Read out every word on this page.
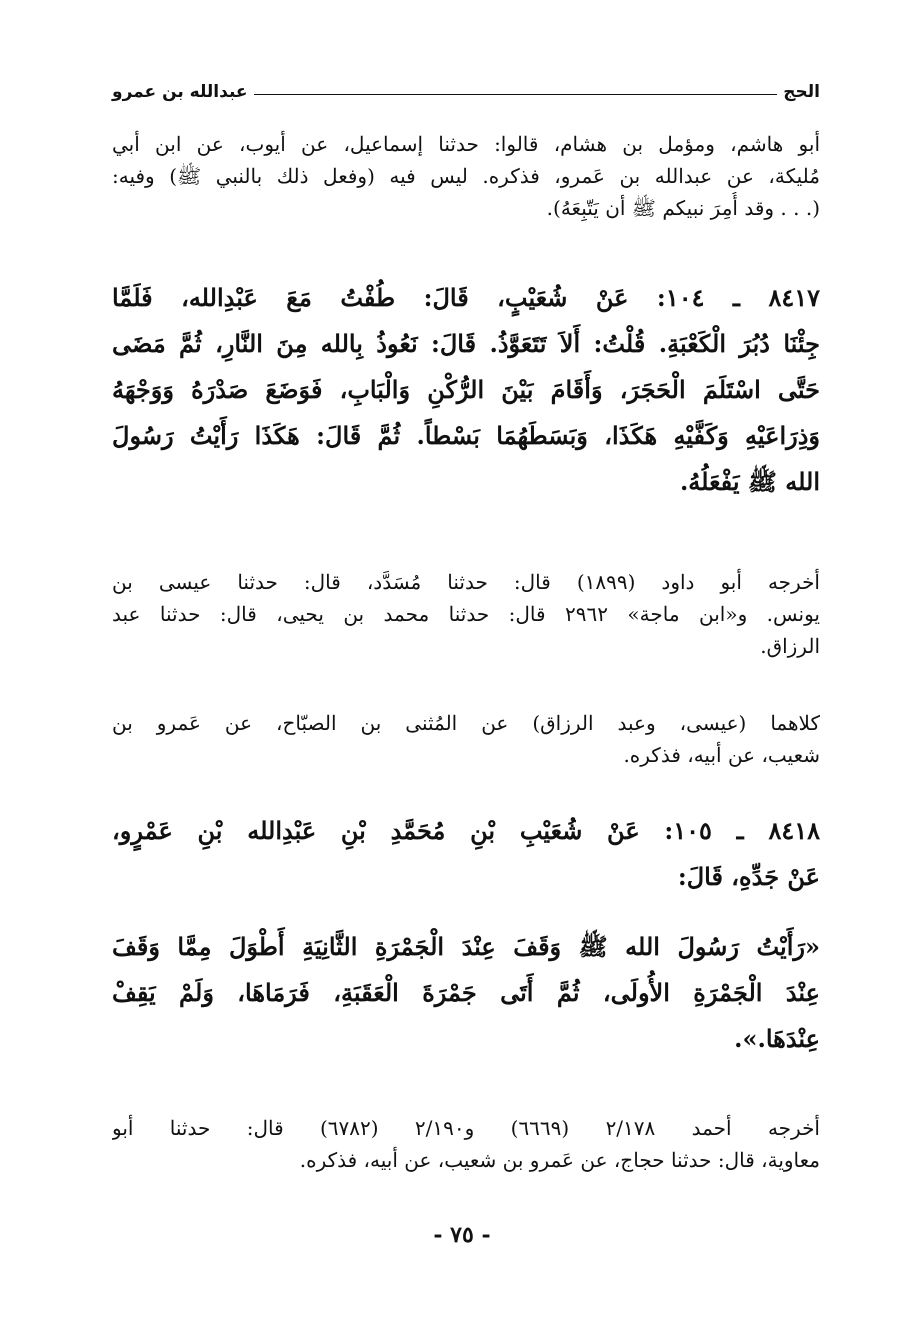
الحج
عبدالله بن عمرو
أبو هاشم، ومؤمل بن هشام، قالوا: حدثنا إسماعيل، عن أيوب، عن ابن أبي
مُليكة، عن عبدالله بن عَمرو، فذكره. ليس فيه (وفعل ذلك بالنبي ﷺ) وفيه:
(. . . وقد أُمِرَ نبيكم ﷺ أن يَتّبِعَهُ).
٨٤١٧ ـ ١٠٤: عَنْ شُعَيْبٍ، قَالَ: طُفْتُ مَعَ عَبْدِالله، فَلَمَّا
جِئْنَا دُبُرَ الْكَعْبَةِ. قُلْتُ: أَلاَ تَتَعَوَّذُ. قَالَ: نَعُوذُ بِالله مِنَ النَّارِ، ثُمَّ مَضَى
حَتَّى اسْتَلَمَ الْحَجَرَ، وَأَقَامَ بَيْنَ الرُّكْنِ وَالْبَابِ، فَوَضَعَ صَدْرَهُ وَوَجْهَهُ
وَذِرَاعَيْهِ وَكَفَّيْهِ هَكَذَا، وَبَسَطَهُمَا بَسْطاً. ثُمَّ قَالَ: هَكَذَا رَأَيْتُ رَسُولَ
الله ﷺ يَفْعَلُهُ.
أخرجه أبو داود (١٨٩٩) قال: حدثنا مُسَدَّد، قال: حدثنا عيسى بن
يونس. و«ابن ماجة» ٢٩٦٢ قال: حدثنا محمد بن يحيى، قال: حدثنا عبد
الرزاق.
كلاهما (عيسى، وعبد الرزاق) عن المُثنى بن الصبّاح، عن عَمرو بن
شعيب، عن أبيه، فذكره.
٨٤١٨ ـ ١٠٥: عَنْ شُعَيْبِ بْنِ مُحَمَّدِ بْنِ عَبْدِالله بْنِ عَمْرٍو،
عَنْ جَدِّهِ، قَالَ:
«رَأَيْتُ رَسُولَ الله ﷺ وَقَفَ عِنْدَ الْجَمْرَةِ الثَّانِيَةِ أَطْوَلَ مِمَّا وَقَفَ
عِنْدَ الْجَمْرَةِ الأُولَى، ثُمَّ أَتَى جَمْرَةَ الْعَقَبَةِ، فَرَمَاهَا، وَلَمْ يَقِفْ
عِنْدَهَا.».
أخرجه أحمد ٢/١٧٨ (٦٦٦٩) و٢/١٩٠ (٦٧٨٢) قال: حدثنا أبو
معاوية، قال: حدثنا حجاج، عن عَمرو بن شعيب، عن أبيه، فذكره.
- ٧٥ -
